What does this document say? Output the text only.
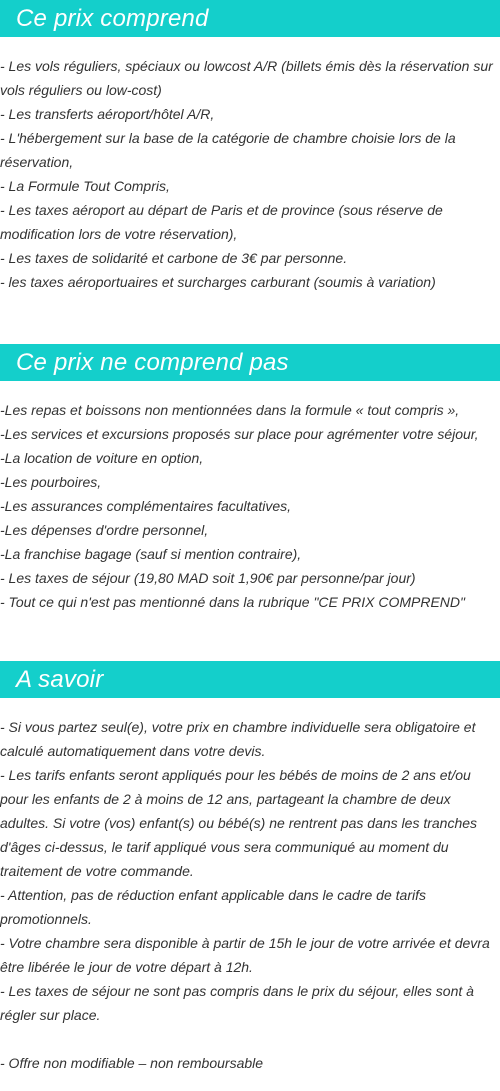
Ce prix comprend
- Les vols réguliers, spéciaux ou lowcost A/R (billets émis dès la réservation sur vols réguliers ou low-cost)
- Les transferts aéroport/hôtel A/R,
- L'hébergement sur la base de la catégorie de chambre choisie lors de la réservation,
- La Formule Tout Compris,
- Les taxes aéroport au départ de Paris et de province (sous réserve de modification lors de votre réservation),
- Les taxes de solidarité et carbone de 3€ par personne.
- les taxes aéroportuaires et surcharges carburant (soumis à variation)
Ce prix ne comprend pas
-Les repas et boissons non mentionnées dans la formule « tout compris »,
-Les services et excursions proposés sur place pour agrémenter votre séjour,
-La location de voiture en option,
-Les pourboires,
-Les assurances complémentaires facultatives,
-Les dépenses d'ordre personnel,
-La franchise bagage (sauf si mention contraire),
- Les taxes de séjour (19,80 MAD soit 1,90€ par personne/par jour)
- Tout ce qui n'est pas mentionné dans la rubrique "CE PRIX COMPREND"
A savoir
- Si vous partez seul(e), votre prix en chambre individuelle sera obligatoire et calculé automatiquement dans votre devis.
- Les tarifs enfants seront appliqués pour les bébés de moins de 2 ans et/ou pour les enfants de 2 à moins de 12 ans, partageant la chambre de deux adultes. Si votre (vos) enfant(s) ou bébé(s) ne rentrent pas dans les tranches d'âges ci-dessus, le tarif appliqué vous sera communiqué au moment du traitement de votre commande.
- Attention, pas de réduction enfant applicable dans le cadre de tarifs promotionnels.
- Votre chambre sera disponible à partir de 15h le jour de votre arrivée et devra être libérée le jour de votre départ à 12h.
- Les taxes de séjour ne sont pas compris dans le prix du séjour, elles sont à régler sur place.
- Offre non modifiable – non remboursable
